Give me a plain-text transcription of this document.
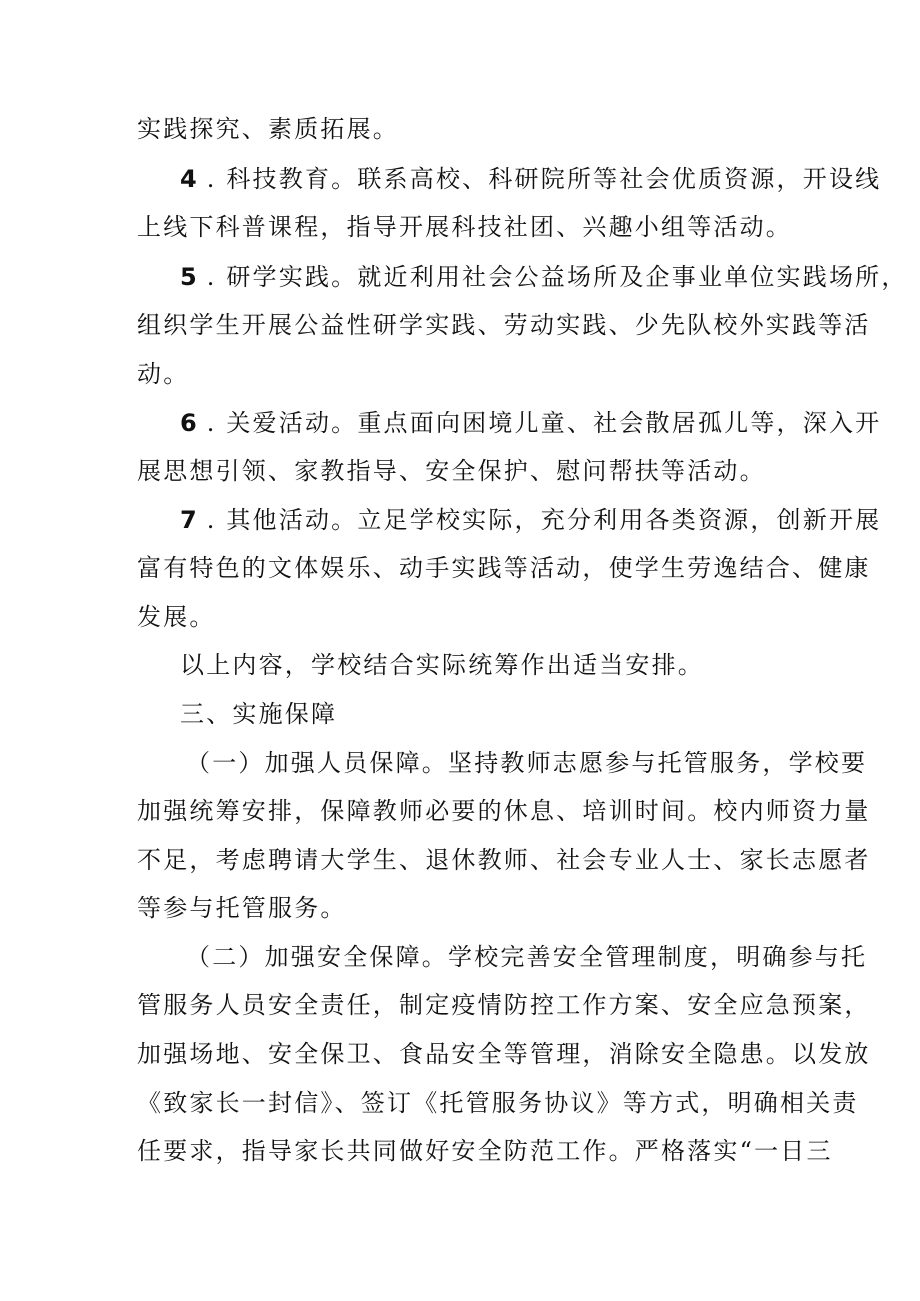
实践探究、素质拓展。
4 . 科技教育。联系高校、科研院所等社会优质资源，开设线
上线下科普课程，指导开展科技社团、兴趣小组等活动。
5 . 研学实践。就近利用社会公益场所及企事业单位实践场所，
组织学生开展公益性研学实践、劳动实践、少先队校外实践等活
动。
6 . 关爱活动。重点面向困境儿童、社会散居孤儿等，深入开
展思想引领、家教指导、安全保护、慰问帮扶等活动。
7 . 其他活动。立足学校实际，充分利用各类资源，创新开展
富有特色的文体娱乐、动手实践等活动，使学生劳逸结合、健康
发展。
以上内容，学校结合实际统筹作出适当安排。
三、实施保障
（一）加强人员保障。坚持教师志愿参与托管服务，学校要
加强统筹安排，保障教师必要的休息、培训时间。校内师资力量
不足，考虑聘请大学生、退休教师、社会专业人士、家长志愿者
等参与托管服务。
（二）加强安全保障。学校完善安全管理制度，明确参与托
管服务人员安全责任，制定疫情防控工作方案、安全应急预案，
加强场地、安全保卫、食品安全等管理，消除安全隐患。以发放
《致家长一封信》、签订《托管服务协议》等方式，明确相关责
任要求，指导家长共同做好安全防范工作。严格落实“一日三
